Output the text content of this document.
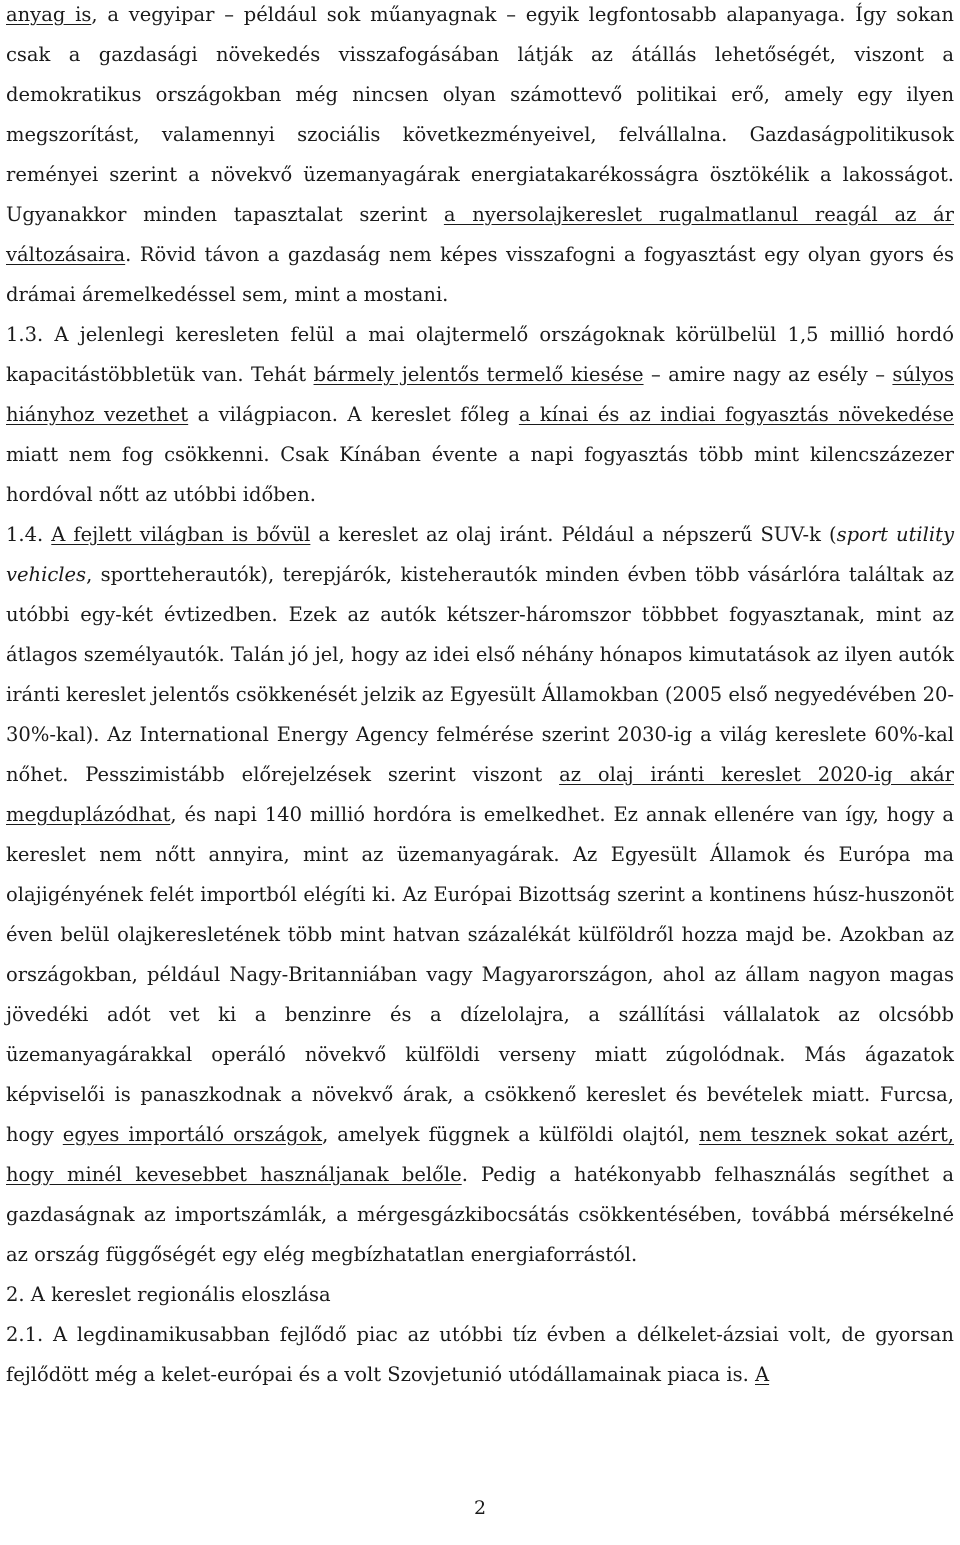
anyag is, a vegyipar – például sok műanyagnak – egyik legfontosabb alapanyaga. Így sokan csak a gazdasági növekedés visszafogásában látják az átállás lehetőségét, viszont a demokratikus országokban még nincsen olyan számottevő politikai erő, amely egy ilyen megszorítást, valamennyi szociális következményeivel, felvállalna. Gazdaságpolitikusok reményei szerint a növekvő üzemanyagárak energiatakarékosságra ösztökélik a lakosságot. Ugyanakkor minden tapasztalat szerint a nyersolajkereslet rugalmatlanul reagál az ár változásaira. Rövid távon a gazdaság nem képes visszafogni a fogyasztást egy olyan gyors és drámai áremelkedéssel sem, mint a mostani.

1.3. A jelenlegi keresleten felül a mai olajtermelő országoknak körülbelül 1,5 millió hordó kapacitástöbbletük van. Tehát bármely jelentős termelő kiesése – amire nagy az esély – súlyos hiányhoz vezethet a világpiacon. A kereslet főleg a kínai és az indiai fogyasztás növekedése miatt nem fog csökkenni. Csak Kínában évente a napi fogyasztás több mint kilencszázezer hordóval nőtt az utóbbi időben.

1.4. A fejlett világban is bővül a kereslet az olaj iránt. Például a népszerű SUV-k (sport utility vehicles, sportteherautók), terepjárók, kisteherautók minden évben több vásárlóra találtak az utóbbi egy-két évtizedben. Ezek az autók kétszer-háromszor többbet fogyasztanak, mint az átlagos személyautók. Talán jó jel, hogy az idei első néhány hónapos kimutatások az ilyen autók iránti kereslet jelentős csökkenését jelzik az Egyesült Államokban (2005 első negyedévében 20-30%-kal). Az International Energy Agency felmérése szerint 2030-ig a világ kereslete 60%-kal nőhet. Pesszimistább előrejelzések szerint viszont az olaj iránti kereslet 2020-ig akár megduplázódhat, és napi 140 millió hordóra is emelkedhet. Ez annak ellenére van így, hogy a kereslet nem nőtt annyira, mint az üzemanyagárak. Az Egyesült Államok és Európa ma olajigényének felét importból elégíti ki. Az Európai Bizottság szerint a kontinens húsz-huszonöt éven belül olajkeresletének több mint hatvan százalékát külföldről hozza majd be. Azokban az országokban, például Nagy-Britanniában vagy Magyarországon, ahol az állam nagyon magas jövedéki adót vet ki a benzinre és a dízelolajra, a szállítási vállalatok az olcsóbb üzemanyagárakkal operáló növekvő külföldi verseny miatt zúgolódnak. Más ágazatok képviselői is panaszkodnak a növekvő árak, a csökkenő kereslet és bevételek miatt. Furcsa, hogy egyes importáló országok, amelyek függnek a külföldi olajtól, nem tesznek sokat azért, hogy minél kevesebbet használjanak belőle. Pedig a hatékonyabb felhasználás segíthet a gazdaságnak az importszámlák, a mérgesgázkibocsátás csökkentésében, továbbá mérsékelné az ország függőségét egy elég megbízhatatlan energiaforrástól.

2. A kereslet regionális eloszlása

2.1. A legdinamikusabban fejlődő piac az utóbbi tíz évben a délkelet-ázsiai volt, de gyorsan fejlődött még a kelet-európai és a volt Szovjetunió utódállamainak piaca is. A

2
